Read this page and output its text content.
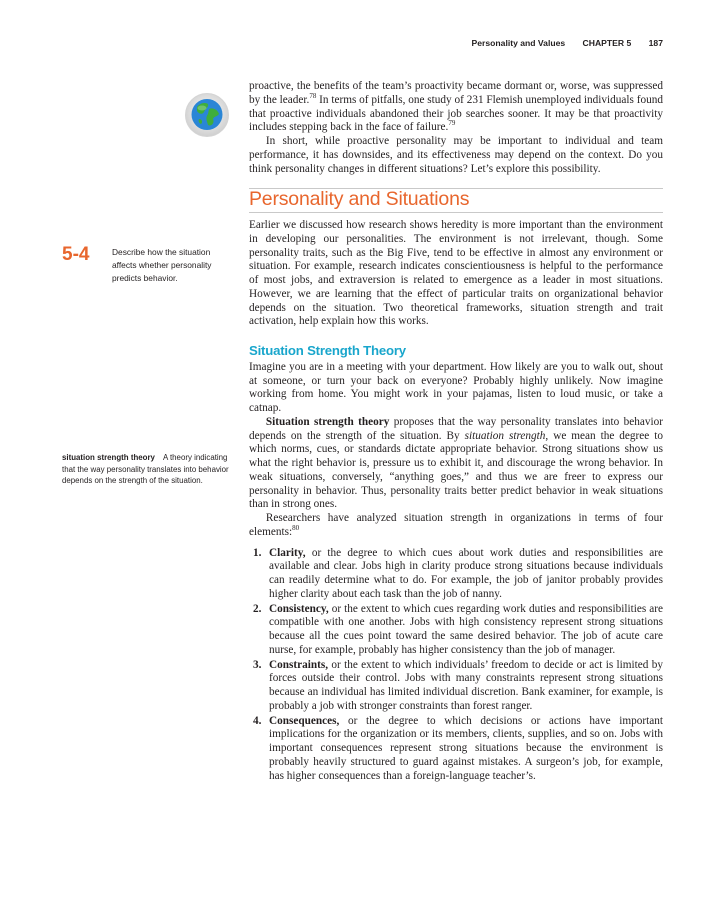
Personality and Values CHAPTER 5 187
5-4	Describe how the situation affects whether personality predicts behavior.
situation strength theory A theory indicating that the way personality translates into behavior depends on the strength of the situation.

proactive, the benefits of the team’s proactivity became dormant or, worse, was suppressed by the leader.$^{78}$ In terms of pitfalls, one study of 231 Flemish unemployed individuals found that proactive individuals abandoned their job searches sooner. It may be that proactivity includes stepping back in the face of failure.$^{79}$

In short, while proactive personality may be important to individual and team performance, it has downsides, and its effectiveness may depend on the context. Do you think personality changes in different situations? Let’s explore this possibility.

Personality and Situations

Earlier we discussed how research shows heredity is more important than the environment in developing our personalities. The environment is not irrelevant, though. Some personality traits, such as the Big Five, tend to be effective in almost any environment or situation. For example, research indicates conscientiousness is helpful to the performance of most jobs, and extraversion is related to emergence as a leader in most situations. However, we are learning that the effect of particular traits on organizational behavior depends on the situation. Two theoretical frameworks, situation strength and trait activation, help explain how this works.

Situation Strength Theory

Imagine you are in a meeting with your department. How likely are you to walk out, shout at someone, or turn your back on everyone? Probably highly unlikely. Now imagine working from home. You might work in your pajamas, listen to loud music, or take a catnap.

Situation strength theory proposes that the way personality translates into behavior depends on the strength of the situation. By situation strength, we mean the degree to which norms, cues, or standards dictate appropriate behavior. Strong situations show us what the right behavior is, pressure us to exhibit it, and discourage the wrong behavior. In weak situations, conversely, “anything goes,” and thus we are freer to express our personality in behavior. Thus, personality traits better predict behavior in weak situations than in strong ones.

Researchers have analyzed situation strength in organizations in terms of four elements:$^{80}$

1. Clarity, or the degree to which cues about work duties and responsibilities are available and clear. Jobs high in clarity produce strong situations because individuals can readily determine what to do. For example, the job of janitor probably provides higher clarity about each task than the job of nanny.
2. Consistency, or the extent to which cues regarding work duties and responsibilities are compatible with one another. Jobs with high consistency represent strong situations because all the cues point toward the same desired behavior. The job of acute care nurse, for example, probably has higher consistency than the job of manager.
3. Constraints, or the extent to which individuals’ freedom to decide or act is limited by forces outside their control. Jobs with many constraints represent strong situations because an individual has limited individual discretion. Bank examiner, for example, is probably a job with stronger constraints than forest ranger.
4. Consequences, or the degree to which decisions or actions have important implications for the organization or its members, clients, supplies, and so on. Jobs with important consequences represent strong situations because the environment is probably heavily structured to guard against mistakes. A surgeon’s job, for example, has higher consequences than a foreign-language teacher’s.
